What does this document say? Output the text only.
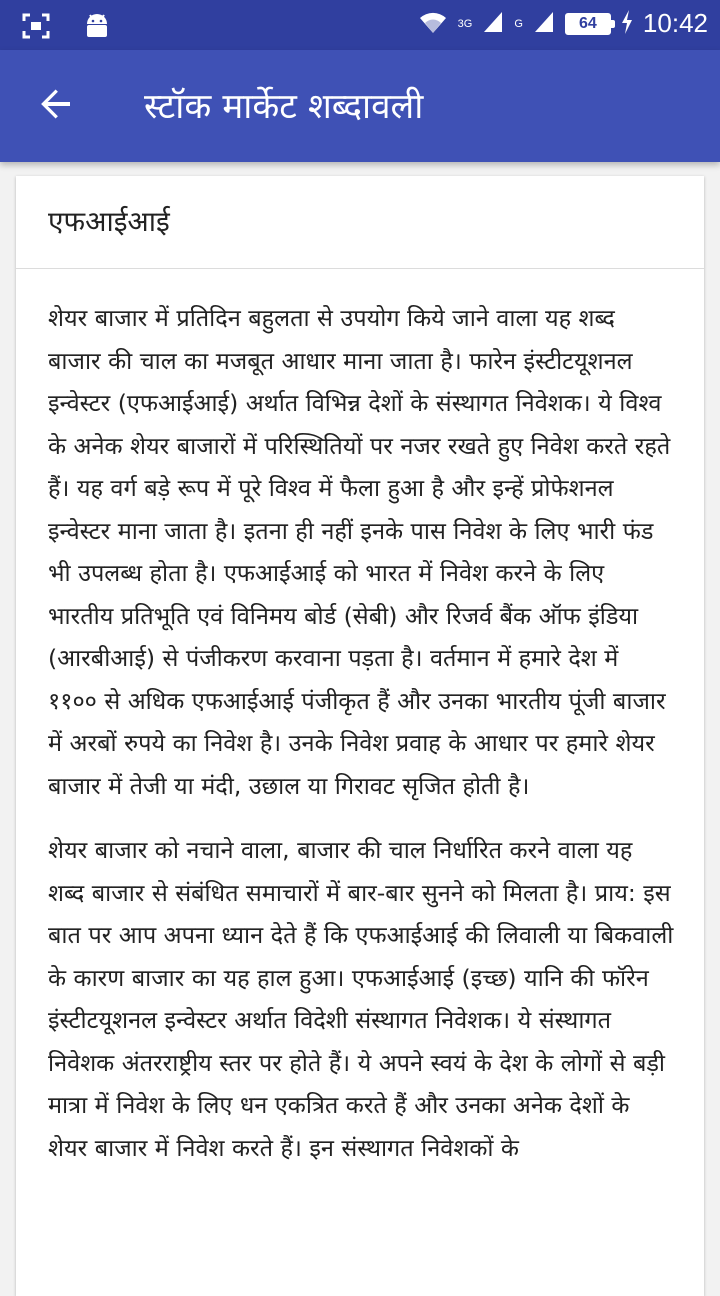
3G	G	64 10:42
स्टॉक मार्केट शब्दावली
एफआईआई

शेयर बाजार में प्रतिदिन बहुलता से उपयोग किये जाने वाला यह शब्द बाजार की चाल का मजबूत आधार माना जाता है। फारेन इंस्टीटयूशनल इन्वेस्टर (एफआईआई) अर्थात विभिन्न देशों के संस्थागत निवेशक। ये विश्व के अनेक शेयर बाजारों में परिस्थितियों पर नजर रखते हुए निवेश करते रहते हैं। यह वर्ग बड़े रूप में पूरे विश्व में फैला हुआ है और इन्हें प्रोफेशनल इन्वेस्टर माना जाता है। इतना ही नहीं इनके पास निवेश के लिए भारी फंड भी उपलब्ध होता है। एफआईआई को भारत में निवेश करने के लिए भारतीय प्रतिभूति एवं विनिमय बोर्ड (सेबी) और रिजर्व बैंक ऑफ इंडिया (आरबीआई) से पंजीकरण करवाना पड़ता है। वर्तमान में हमारे देश में ११०० से अधिक एफआईआई पंजीकृत हैं और उनका भारतीय पूंजी बाजार में अरबों रुपये का निवेश है। उनके निवेश प्रवाह के आधार पर हमारे शेयर बाजार में तेजी या मंदी, उछाल या गिरावट सृजित होती है।

शेयर बाजार को नचाने वाला, बाजार की चाल निर्धारित करने वाला यह शब्द बाजार से संबंधित समाचारों में बार-बार सुनने को मिलता है। प्राय: इस बात पर आप अपना ध्यान देते हैं कि एफआईआई की लिवाली या बिकवाली के कारण बाजार का यह हाल हुआ। एफआईआई (इच्छ) यानि की फॉरेन इंस्टीटयूशनल इन्वेस्टर अर्थात विदेशी संस्थागत निवेशक। ये संस्थागत निवेशक अंतरराष्ट्रीय स्तर पर होते हैं। ये अपने स्वयं के देश के लोगों से बड़ी मात्रा में निवेश के लिए धन एकत्रित करते हैं और उनका अनेक देशों के शेयर बाजार में निवेश करते हैं। इन संस्थागत निवेशकों के
